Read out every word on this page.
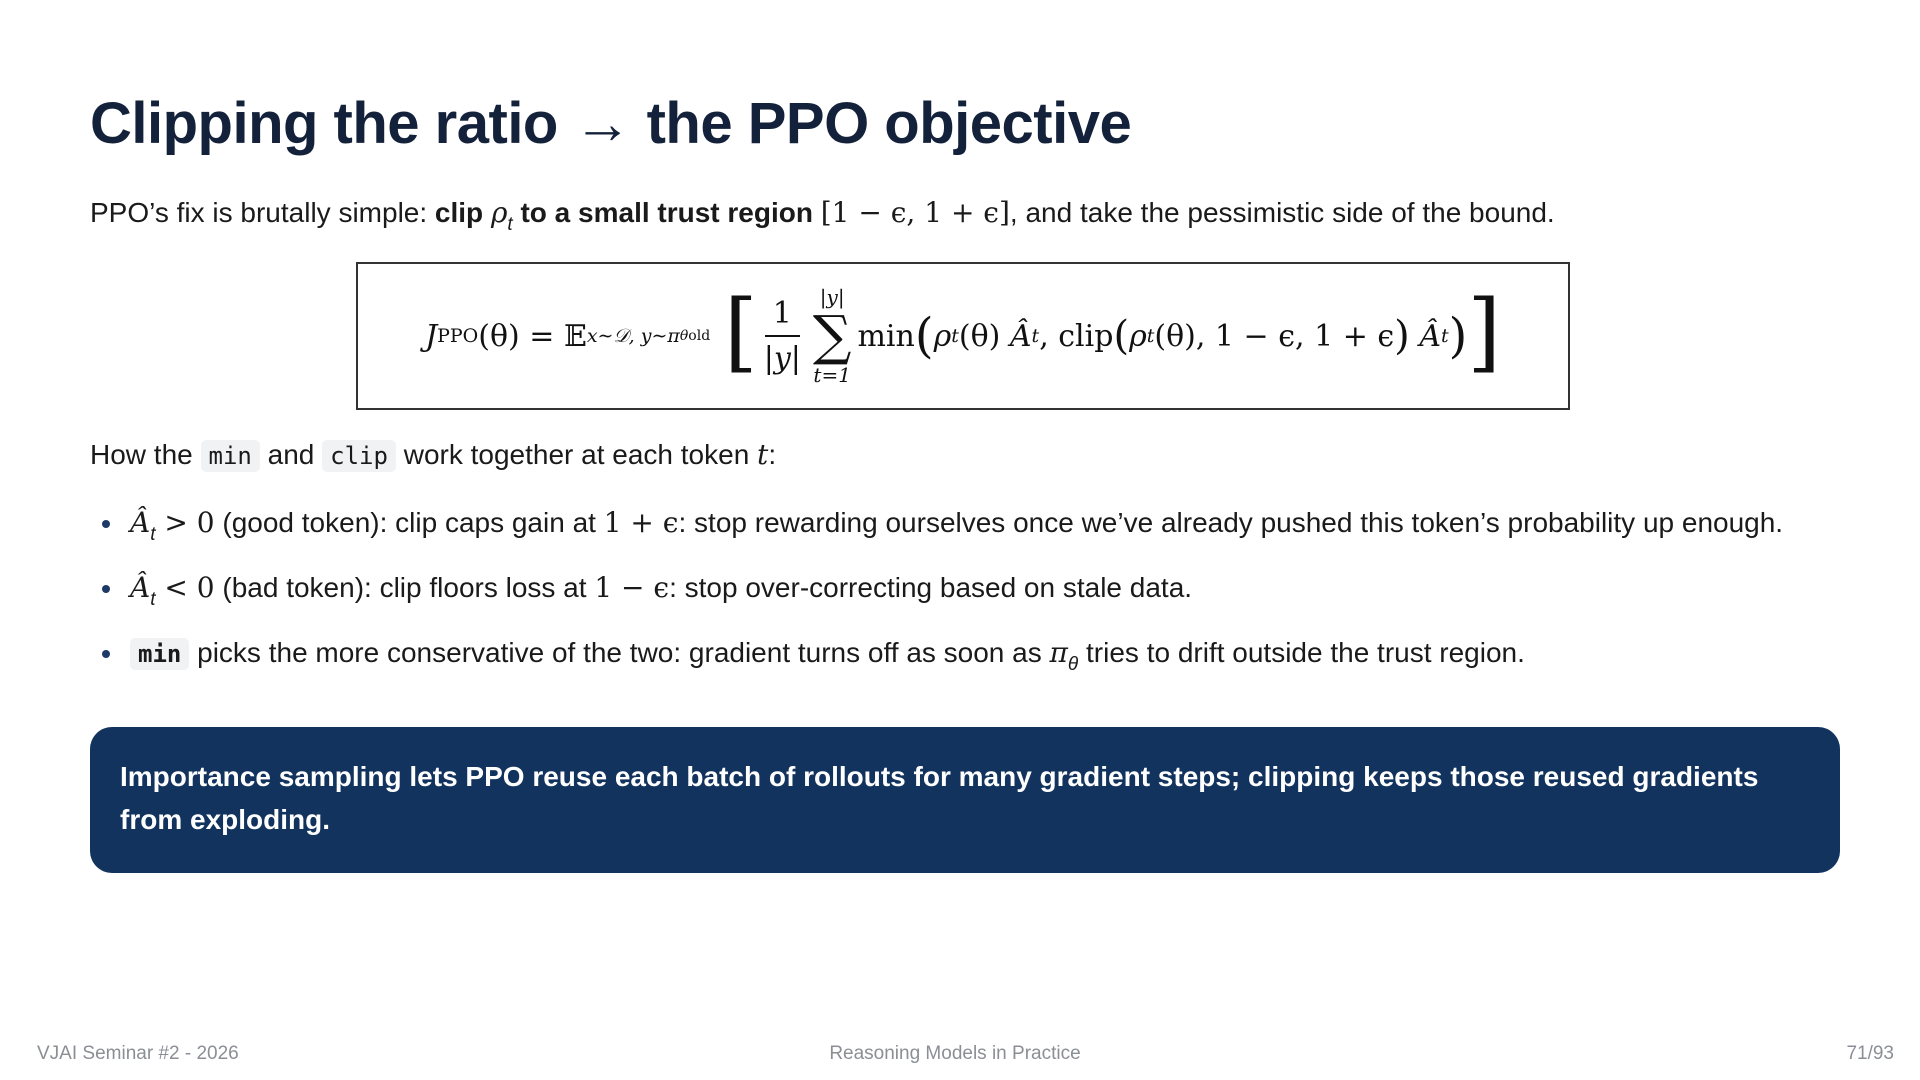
Clipping the ratio → the PPO objective
PPO’s fix is brutally simple: clip $\rho_t$ to a small trust region [1 − ϵ, 1 + ϵ], and take the pessimistic side of the bound.
J PPO (θ) = 𝔼 x∼𝒟, y∼π θ old [ $\frac{1}{|y|} |y|$
∑
t=1
min ( ρ t (θ) Â t , clip ( ρ t (θ), 1 − ϵ, 1 + ϵ ) Â t ) ]
How the min and clip work together at each token t:
$Â_t > 0$ (good token): clip caps gain at 1 + ϵ: stop rewarding ourselves once we’ve already pushed this token’s probability up enough.
$Â_t < 0$ (bad token): clip floors loss at 1 − ϵ: stop over-correcting based on stale data.
min picks the more conservative of the two: gradient turns off as soon as $\pi_\theta$ tries to drift outside the trust region.
Importance sampling lets PPO reuse each batch of rollouts for many gradient steps; clipping keeps those reused gradients from exploding.
VJAI Seminar #2 - 2026	Reasoning Models in Practice	71/93
